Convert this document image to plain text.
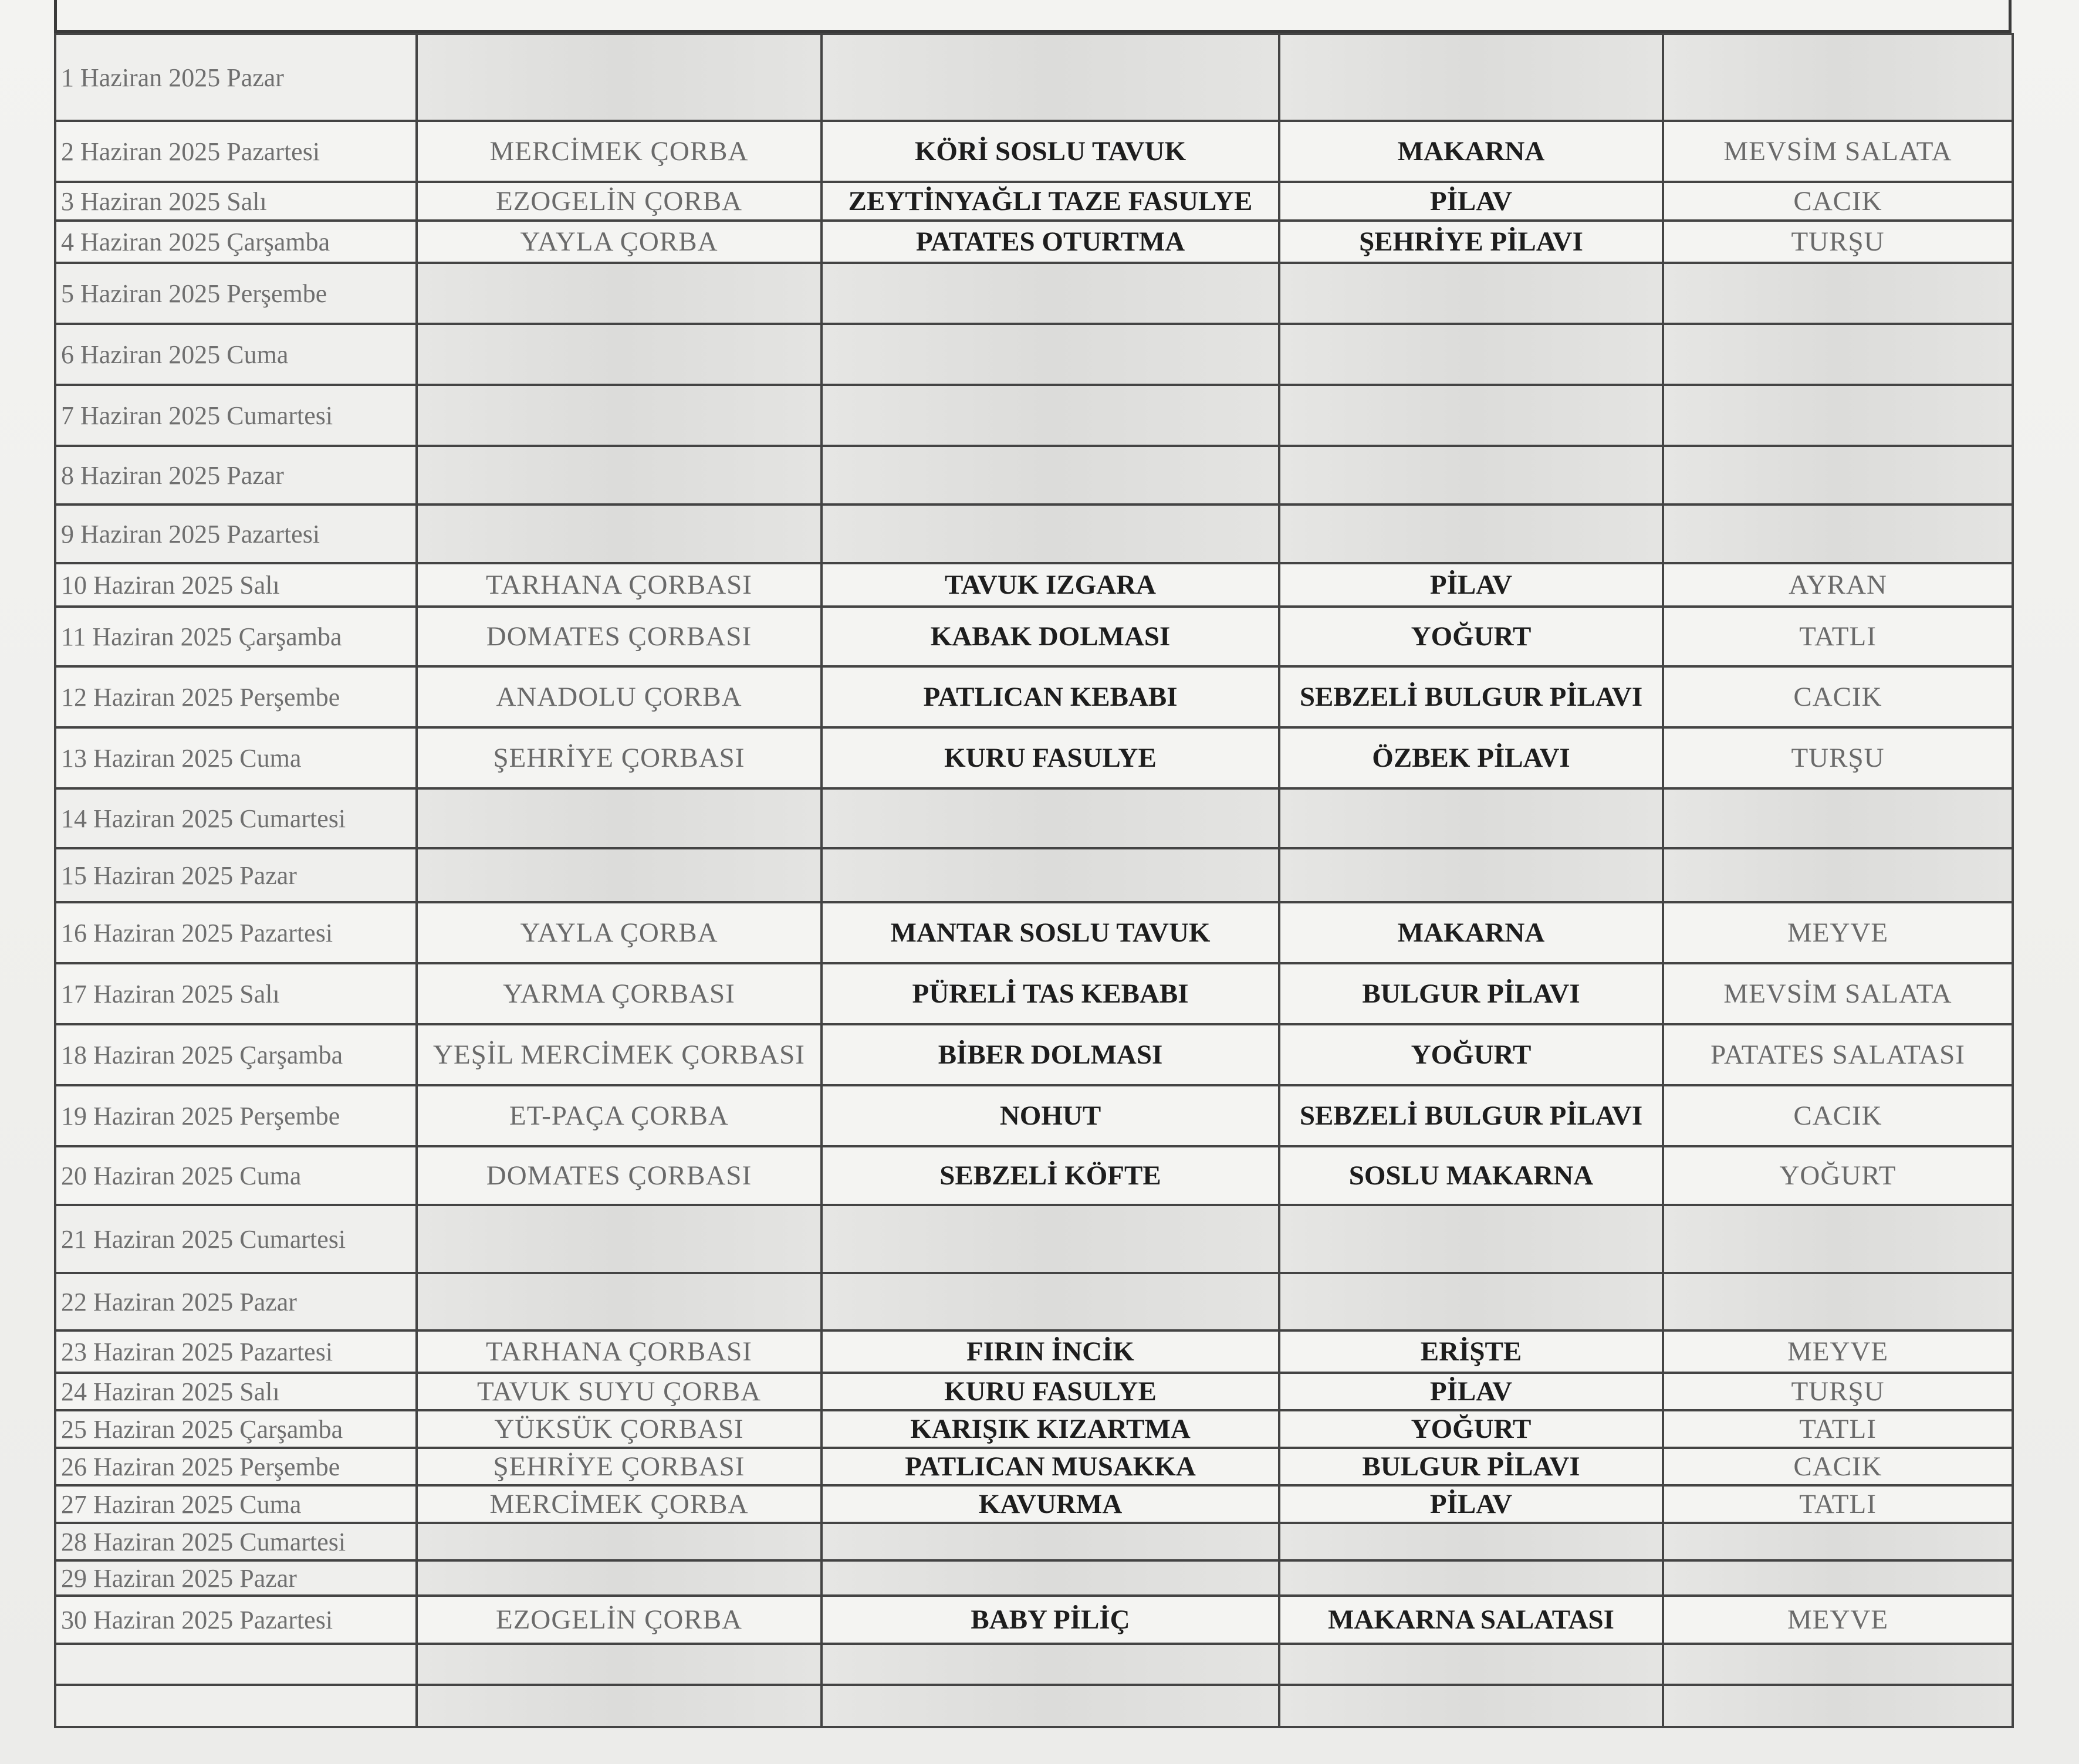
1 Haziran 2025 Pazar				
2 Haziran 2025 Pazartesi	MERCİMEK ÇORBA	KÖRİ SOSLU TAVUK	MAKARNA	MEVSİM SALATA
3 Haziran 2025 Salı	EZOGELİN ÇORBA	ZEYTİNYAĞLI TAZE FASULYE	PİLAV	CACIK
4 Haziran 2025 Çarşamba	YAYLA ÇORBA	PATATES OTURTMA	ŞEHRİYE PİLAVI	TURŞU
5 Haziran 2025 Perşembe				
6 Haziran 2025 Cuma				
7 Haziran 2025 Cumartesi				
8 Haziran 2025 Pazar				
9 Haziran 2025 Pazartesi				
10 Haziran 2025 Salı	TARHANA ÇORBASI	TAVUK IZGARA	PİLAV	AYRAN
11 Haziran 2025 Çarşamba	DOMATES ÇORBASI	KABAK DOLMASI	YOĞURT	TATLI
12 Haziran 2025 Perşembe	ANADOLU ÇORBA	PATLICAN KEBABI	SEBZELİ BULGUR PİLAVI	CACIK
13 Haziran 2025 Cuma	ŞEHRİYE ÇORBASI	KURU FASULYE	ÖZBEK PİLAVI	TURŞU
14 Haziran 2025 Cumartesi				
15 Haziran 2025 Pazar				
16 Haziran 2025 Pazartesi	YAYLA ÇORBA	MANTAR SOSLU TAVUK	MAKARNA	MEYVE
17 Haziran 2025 Salı	YARMA ÇORBASI	PÜRELİ TAS KEBABI	BULGUR PİLAVI	MEVSİM SALATA
18 Haziran 2025 Çarşamba	YEŞİL MERCİMEK ÇORBASI	BİBER DOLMASI	YOĞURT	PATATES SALATASI
19 Haziran 2025 Perşembe	ET-PAÇA ÇORBA	NOHUT	SEBZELİ BULGUR PİLAVI	CACIK
20 Haziran 2025 Cuma	DOMATES ÇORBASI	SEBZELİ KÖFTE	SOSLU MAKARNA	YOĞURT
21 Haziran 2025 Cumartesi				
22 Haziran 2025 Pazar				
23 Haziran 2025 Pazartesi	TARHANA ÇORBASI	FIRIN İNCİK	ERİŞTE	MEYVE
24 Haziran 2025 Salı	TAVUK SUYU ÇORBA	KURU FASULYE	PİLAV	TURŞU
25 Haziran 2025 Çarşamba	YÜKSÜK ÇORBASI	KARIŞIK KIZARTMA	YOĞURT	TATLI
26 Haziran 2025 Perşembe	ŞEHRİYE ÇORBASI	PATLICAN MUSAKKA	BULGUR PİLAVI	CACIK
27 Haziran 2025 Cuma	MERCİMEK ÇORBA	KAVURMA	PİLAV	TATLI
28 Haziran 2025 Cumartesi				
29 Haziran 2025 Pazar				
30 Haziran 2025 Pazartesi	EZOGELİN ÇORBA	BABY PİLİÇ	MAKARNA SALATASI	MEYVE
